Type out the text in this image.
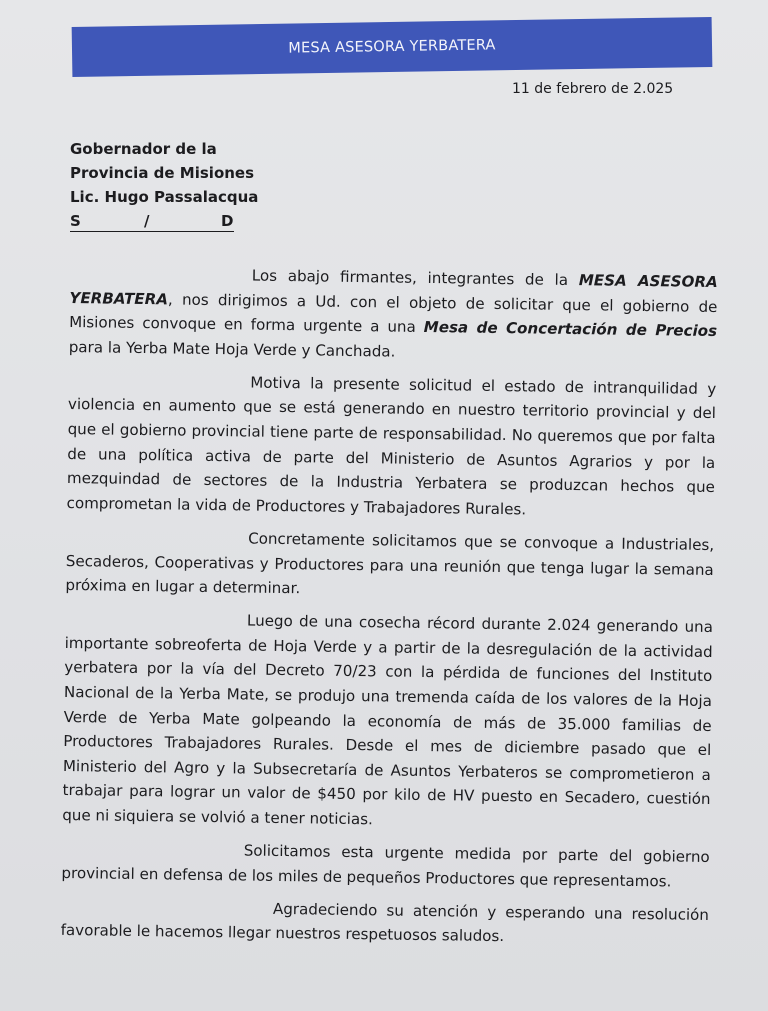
MESA ASESORA YERBATERA
11 de febrero de 2.025
Gobernador de la
Provincia de Misiones
Lic. Hugo Passalacqua
S	/	D

Los abajo firmantes, integrantes de la MESA ASESORA YERBATERA, nos dirigimos a Ud. con el objeto de solicitar que el gobierno de Misiones convoque en forma urgente a una Mesa de Concertación de Precios para la Yerba Mate Hoja Verde y Canchada.

Motiva la presente solicitud el estado de intranquilidad y violencia en aumento que se está generando en nuestro territorio provincial y del que el gobierno provincial tiene parte de responsabilidad. No queremos que por falta de una política activa de parte del Ministerio de Asuntos Agrarios y por la mezquindad de sectores de la Industria Yerbatera se produzcan hechos que comprometan la vida de Productores y Trabajadores Rurales.

Concretamente solicitamos que se convoque a Industriales, Secaderos, Cooperativas y Productores para una reunión que tenga lugar la semana próxima en lugar a determinar.

Luego de una cosecha récord durante 2.024 generando una importante sobreoferta de Hoja Verde y a partir de la desregulación de la actividad yerbatera por la vía del Decreto 70/23 con la pérdida de funciones del Instituto Nacional de la Yerba Mate, se produjo una tremenda caída de los valores de la Hoja Verde de Yerba Mate golpeando la economía de más de 35.000 familias de Productores Trabajadores Rurales. Desde el mes de diciembre pasado que el Ministerio del Agro y la Subsecretaría de Asuntos Yerbateros se comprometieron a trabajar para lograr un valor de $450 por kilo de HV puesto en Secadero, cuestión que ni siquiera se volvió a tener noticias.

Solicitamos esta urgente medida por parte del gobierno provincial en defensa de los miles de pequeños Productores que representamos.

Agradeciendo su atención y esperando una resolución favorable le hacemos llegar nuestros respetuosos saludos.
